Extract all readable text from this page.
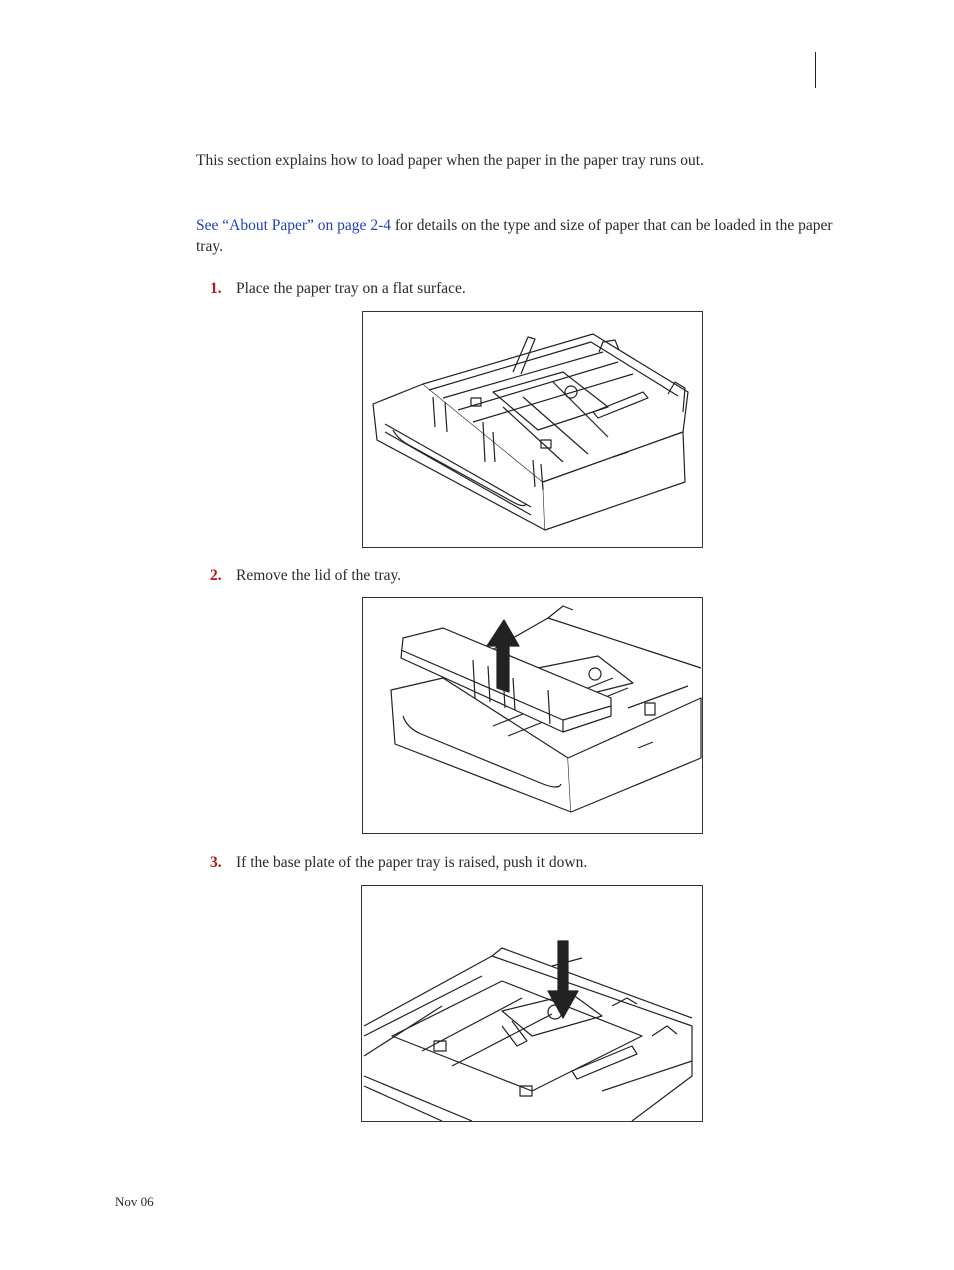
This section explains how to load paper when the paper in the paper tray runs out.

See “About Paper” on page 2-4 for details on the type and size of paper that can be loaded in the paper tray.

1. Place the paper tray on a flat surface.
2. Remove the lid of the tray.
3. If the base plate of the paper tray is raised, push it down.
Nov 06
